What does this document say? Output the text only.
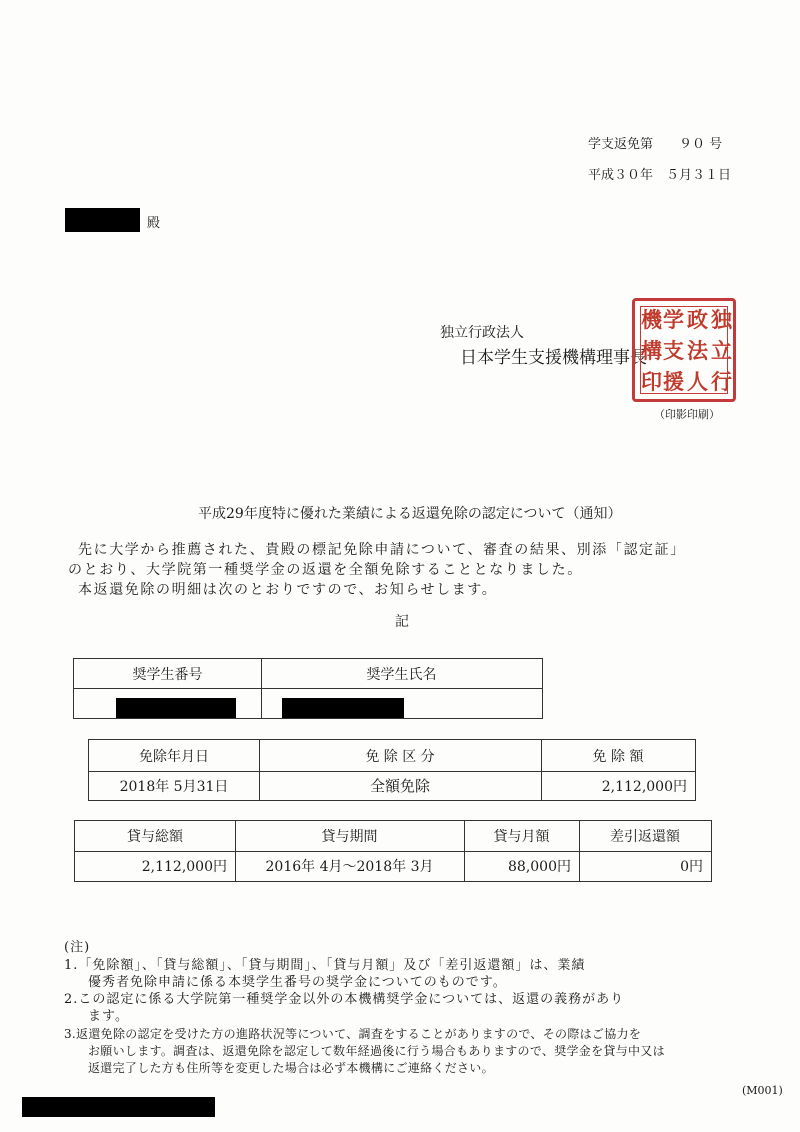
学支返免第　　９０ 号
平成３０年　５月３１日
殿
独立行政法人
日本学生支援機構理事長
独
立
行
政
法
人
学
支
援
機
構
印
（印影印刷）
平成29年度特に優れた業績による返還免除の認定について（通知）
先に大学から推薦された、貴殿の標記免除申請について、審査の結果、別添「認定証」
のとおり、大学院第一種奨学金の返還を全額免除することとなりました。
本返還免除の明細は次のとおりですので、お知らせします。
記
奨学生番号	奨学生氏名
免除年月日	免 除 区 分	免 除 額
2018年 5月31日	全額免除	2,112,000円
貸与総額	貸与期間	貸与月額	差引返還額
2,112,000円	2016年 4月～2018年 3月	88,000円	0円
(注)
1.「免除額」、「貸与総額」、「貸与期間」、「貸与月額」及び「差引返還額」は、業績
優秀者免除申請に係る本奨学生番号の奨学金についてのものです。
2.この認定に係る大学院第一種奨学金以外の本機構奨学金については、返還の義務があり
ます。
3.返還免除の認定を受けた方の進路状況等について、調査をすることがありますので、その際はご協力を
お願いします。調査は、返還免除を認定して数年経過後に行う場合もありますので、奨学金を貸与中又は
返還完了した方も住所等を変更した場合は必ず本機構にご連絡ください。
(M001)
